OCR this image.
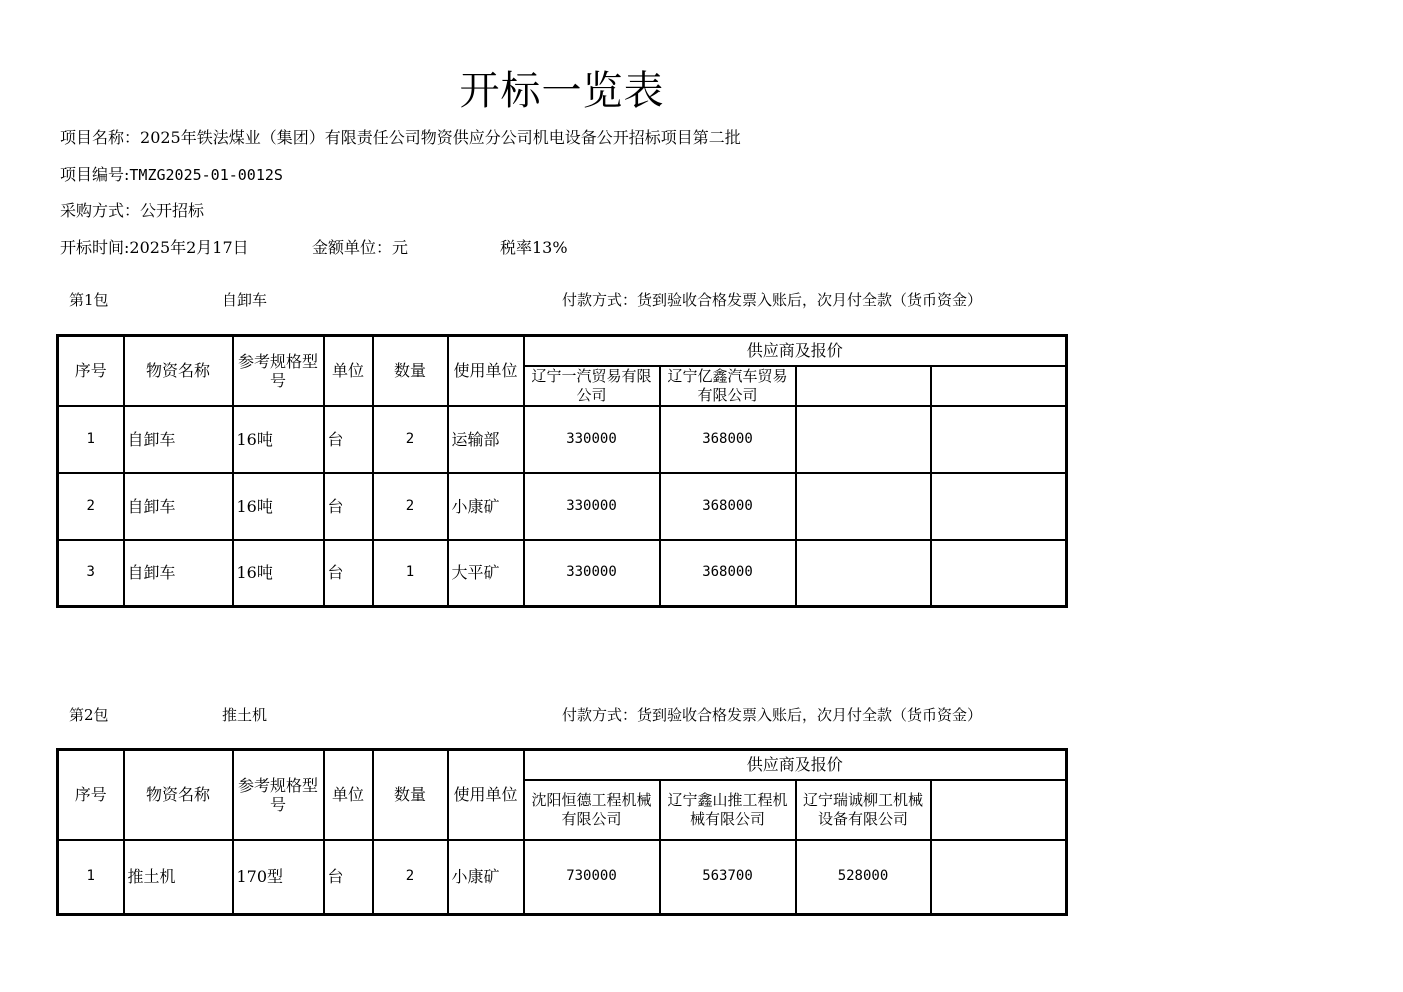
开标一览表
项目名称：2025年铁法煤业（集团）有限责任公司物资供应分公司机电设备公开招标项目第二批
项目编号:TMZG2025-01-0012S
采购方式：公开招标
开标时间:2025年2月17日	金额单位：元	税率13%
第1包	自卸车	付款方式：货到验收合格发票入账后，次月付全款（货币资金）
序号	物资名称	参考规格型号	单位	数量	使用单位	供应商及报价			
						辽宁一汽贸易有限公司	辽宁亿鑫汽车贸易有限公司		
1	自卸车	16吨	台	2	运输部	330000	368000		
2	自卸车	16吨	台	2	小康矿	330000	368000		
3	自卸车	16吨	台	1	大平矿	330000	368000		
第2包	推土机	付款方式：货到验收合格发票入账后，次月付全款（货币资金）
序号	物资名称	参考规格型号	单位	数量	使用单位	供应商及报价			
						沈阳恒德工程机械有限公司	辽宁鑫山推工程机械有限公司	辽宁瑞诚柳工机械设备有限公司	
1	推土机	170型	台	2	小康矿	730000	563700	528000	
